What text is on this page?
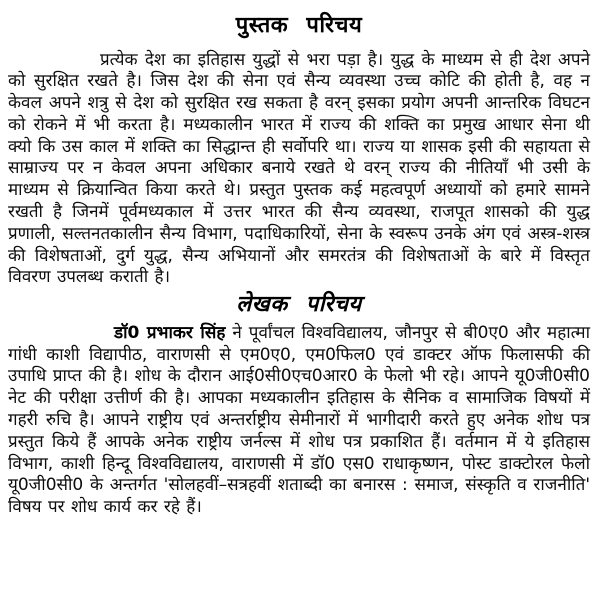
पुस्तक परिचय

प्रत्येक देश का इतिहास युद्धों से भरा पड़ा है। युद्ध के माध्यम से ही देश अपने को सुरक्षित रखते है। जिस देश की सेना एवं सैन्य व्यवस्था उच्च कोटि की होती है, वह न केवल अपने शत्रु से देश को सुरक्षित रख सकता है वरन् इसका प्रयोग अपनी आन्तरिक विघटन को रोकने में भी करता है। मध्यकालीन भारत में राज्य की शक्ति का प्रमुख आधार सेना थी क्यो कि उस काल में शक्ति का सिद्धान्त ही सर्वोपरि था। राज्य या शासक इसी की सहायता से साम्राज्य पर न केवल अपना अधिकार बनाये रखते थे वरन् राज्य की नीतियाँ भी उसी के माध्यम से क्रियान्वित किया करते थे। प्रस्तुत पुस्तक कई महत्वपूर्ण अध्यायों को हमारे सामने रखती है जिनमें पूर्वमध्यकाल में उत्तर भारत की सैन्य व्यवस्था, राजपूत शासको की युद्ध प्रणाली, सल्तनतकालीन सैन्य विभाग, पदाधिकारियों, सेना के स्वरूप उनके अंग एवं अस्त्र-शस्त्र की विशेषताओं, दुर्ग युद्ध, सैन्य अभियानों और समरतंत्र की विशेषताओं के बारे में विस्तृत विवरण उपलब्ध कराती है।

लेखक परिचय

डॉ0 प्रभाकर सिंह ने पूर्वांचल विश्वविद्यालय, जौनपुर से बी0ए0 और महात्मा गांधी काशी विद्यापीठ, वाराणसी से एम0ए0, एम0फिल0 एवं डाक्टर ऑफ फिलासफी की उपाधि प्राप्त की है। शोध के दौरान आई0सी0एच0आर0 के फेलो भी रहे। आपने यू0जी0सी0 नेट की परीक्षा उत्तीर्ण की है। आपका मध्यकालीन इतिहास के सैनिक व सामाजिक विषयों में गहरी रुचि है। आपने राष्ट्रीय एवं अन्तर्राष्ट्रीय सेमीनारों में भागीदारी करते हुए अनेक शोध पत्र प्रस्तुत किये हैं आपके अनेक राष्ट्रीय जर्नल्स में शोध पत्र प्रकाशित हैं। वर्तमान में ये इतिहास विभाग, काशी हिन्दू विश्वविद्यालय, वाराणसी में डॉ0 एस0 राधाकृष्णन, पोस्ट डाक्टोरल फेलो यू0जी0सी0 के अन्तर्गत 'सोलहवीं–सत्रहवीं शताब्दी का बनारस : समाज, संस्कृति व राजनीति' विषय पर शोध कार्य कर रहे हैं।
